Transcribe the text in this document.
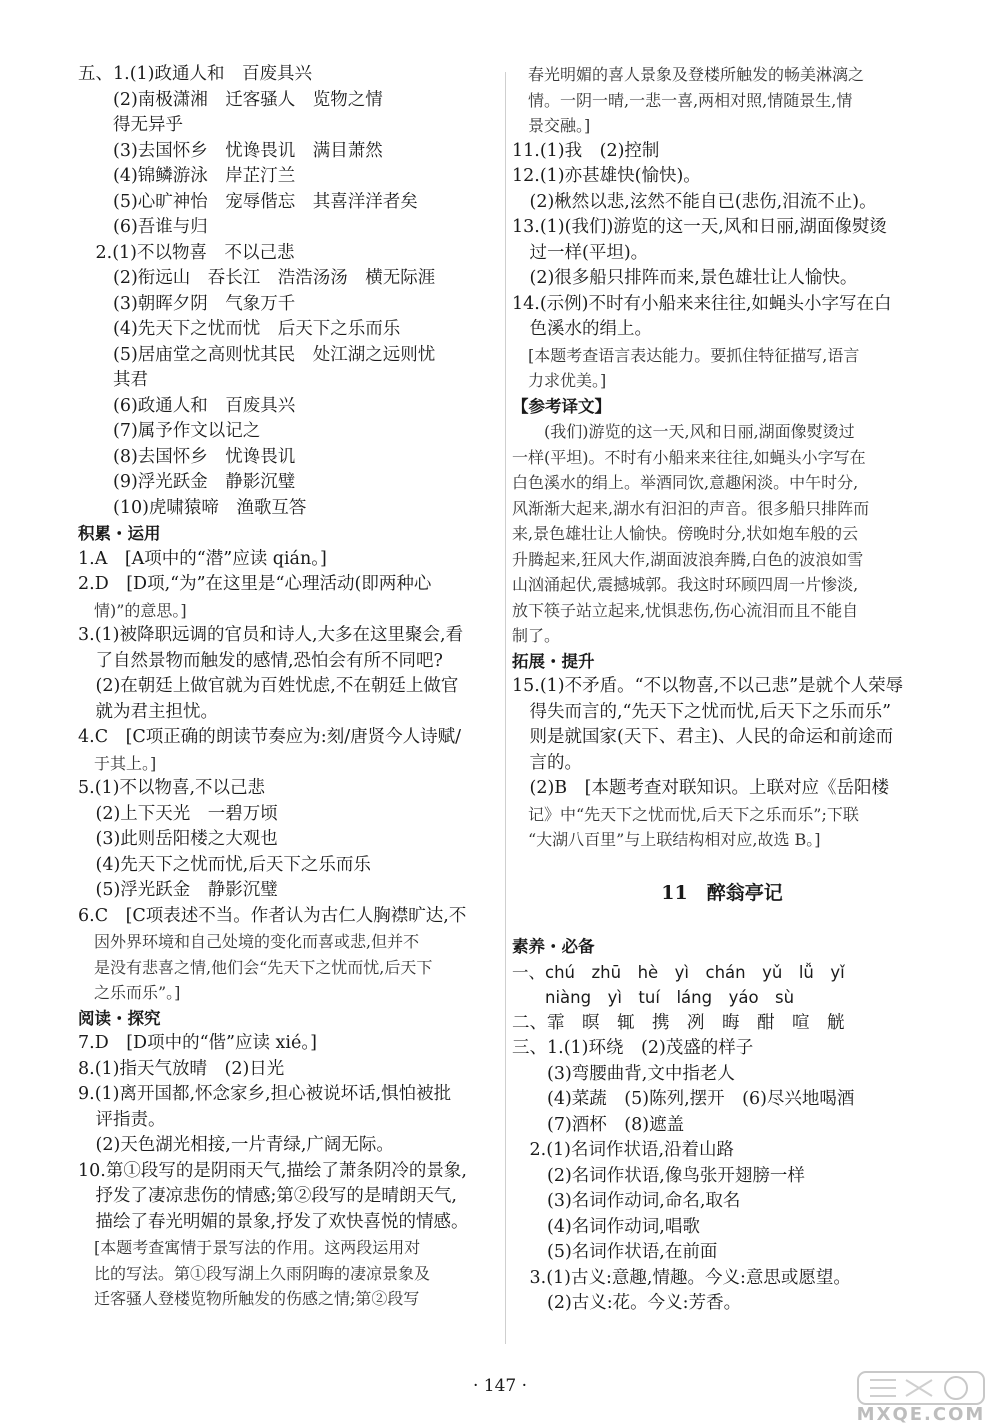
五、1.(1)政通人和　百废具兴
　　(2)南极潇湘　迁客骚人　览物之情
　　得无异乎
　　(3)去国怀乡　忧谗畏讥　满目萧然
　　(4)锦鳞游泳　岸芷汀兰
　　(5)心旷神怡　宠辱偕忘　其喜洋洋者矣
　　(6)吾谁与归
　2.(1)不以物喜　不以己悲
　　(2)衔远山　吞长江　浩浩汤汤　横无际涯
　　(3)朝晖夕阴　气象万千
　　(4)先天下之忧而忧　后天下之乐而乐
　　(5)居庙堂之高则忧其民　处江湖之远则忧
　　其君
　　(6)政通人和　百废具兴
　　(7)属予作文以记之
　　(8)去国怀乡　忧谗畏讥
　　(9)浮光跃金　静影沉璧
　　(10)虎啸猿啼　渔歌互答
积累・运用
1.A　[A项中的“潜”应读 qián。]
2.D　[D项,“为”在这里是“心理活动(即两种心
　情)”的意思。]
3.(1)被降职远调的官员和诗人,大多在这里聚会,看
　了自然景物而触发的感情,恐怕会有所不同吧?
　(2)在朝廷上做官就为百姓忧虑,不在朝廷上做官
　就为君主担忧。
4.C　[C项正确的朗读节奏应为:刻/唐贤今人诗赋/
　于其上。]
5.(1)不以物喜,不以己悲
　(2)上下天光　一碧万顷
　(3)此则岳阳楼之大观也
　(4)先天下之忧而忧,后天下之乐而乐
　(5)浮光跃金　静影沉璧
6.C　[C项表述不当。作者认为古仁人胸襟旷达,不
　因外界环境和自己处境的变化而喜或悲,但并不
　是没有悲喜之情,他们会“先天下之忧而忧,后天下
　之乐而乐”。]
阅读・探究
7.D　[D项中的“偕”应读 xié。]
8.(1)指天气放晴　(2)日光
9.(1)离开国都,怀念家乡,担心被说坏话,惧怕被批
　评指责。
　(2)天色湖光相接,一片青绿,广阔无际。
10.第①段写的是阴雨天气,描绘了萧条阴冷的景象,
　抒发了凄凉悲伤的情感;第②段写的是晴朗天气,
　描绘了春光明媚的景象,抒发了欢快喜悦的情感。
　[本题考查寓情于景写法的作用。这两段运用对
　比的写法。第①段写湖上久雨阴晦的凄凉景象及
　迁客骚人登楼览物所触发的伤感之情;第②段写
　春光明媚的喜人景象及登楼所触发的畅美淋漓之
　情。一阴一晴,一悲一喜,两相对照,情随景生,情
　景交融。]
11.(1)我　(2)控制
12.(1)亦甚雄快(愉快)。
　(2)楸然以悲,泫然不能自已(悲伤,泪流不止)。
13.(1)(我们)游览的这一天,风和日丽,湖面像熨烫
　过一样(平坦)。
　(2)很多船只排阵而来,景色雄壮让人愉快。
14.(示例)不时有小船来来往往,如蝇头小字写在白
　色溪水的绢上。
　[本题考查语言表达能力。要抓住特征描写,语言
　力求优美。]
【参考译文】
　　(我们)游览的这一天,风和日丽,湖面像熨烫过
一样(平坦)。不时有小船来来往往,如蝇头小字写在
白色溪水的绢上。举酒同饮,意趣闲淡。中午时分,
风渐渐大起来,湖水有汩汩的声音。很多船只排阵而
来,景色雄壮让人愉快。傍晚时分,状如炮车般的云
升腾起来,狂风大作,湖面波浪奔腾,白色的波浪如雪
山汹涌起伏,震撼城郭。我这时环顾四周一片惨淡,
放下筷子站立起来,忧惧悲伤,伤心流泪而且不能自
制了。
拓展・提升
15.(1)不矛盾。“不以物喜,不以己悲”是就个人荣辱
　得失而言的,“先天下之忧而忧,后天下之乐而乐”
　则是就国家(天下、君主)、人民的命运和前途而
　言的。
　(2)B　[本题考查对联知识。上联对应《岳阳楼
　记》中“先天下之忧而忧,后天下之乐而乐”;下联
　“大湖八百里”与上联结构相对应,故选 B。]
11　醉翁亭记
素养・必备
一、chú　zhū　hè　yì　chán　yǔ　lǚ　yǐ
　　niàng　yì　tuí　láng　yáo　sù
二、霏　暝　辄　携　冽　晦　酣　喧　觥
三、1.(1)环绕　(2)茂盛的样子
　　(3)弯腰曲背,文中指老人
　　(4)菜蔬　(5)陈列,摆开　(6)尽兴地喝酒
　　(7)酒杯　(8)遮盖
　2.(1)名词作状语,沿着山路
　　(2)名词作状语,像鸟张开翅膀一样
　　(3)名词作动词,命名,取名
　　(4)名词作动词,唱歌
　　(5)名词作状语,在前面
　3.(1)古义:意趣,情趣。今义:意思或愿望。
　　(2)古义:花。今义:芳香。
· 147 ·
MXQE.COM
